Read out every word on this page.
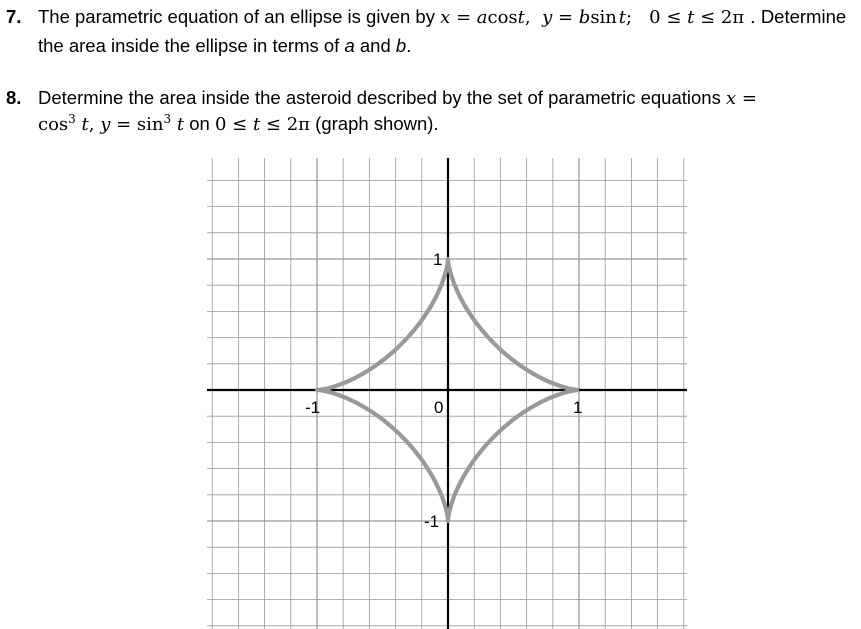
7. The parametric equation of an ellipse is given by x = acost,  y = bsin t;   0 ≤ t ≤ 2π . Determine
the area inside the ellipse in terms of a and b.
8. Determine the area inside the asteroid described by the set of parametric equations x =
$\cos^3 t$, $y = \sin^3 t$ on 0 ≤ t ≤ 2π (graph shown).
-1	0	1
1
-1
